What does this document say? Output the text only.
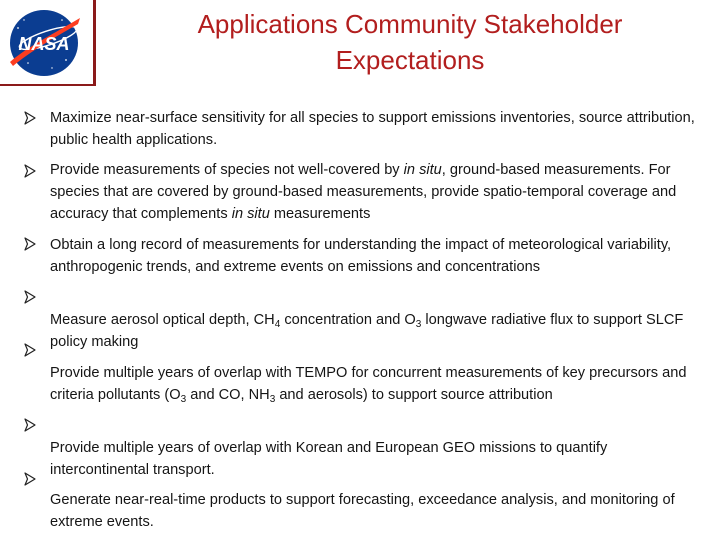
NASA
Applications Community Stakeholder
Expectations

Maximize near-surface sensitivity for all species to support emissions inventories, source attribution, public health applications.

Provide measurements of species not well-covered by in situ, ground-based measurements. For species that are covered by ground-based measurements, provide spatio-temporal coverage and accuracy that complements in situ measurements

Obtain a long record of measurements for understanding the impact of meteorological variability, anthropogenic trends, and extreme events on emissions and concentrations

Measure aerosol optical depth, $CH_4$ concentration and $O_3$ longwave radiative flux to support SLCF policy making

Provide multiple years of overlap with TEMPO for concurrent measurements of key precursors and criteria pollutants ($O_3$ and CO, $NH_3$ and aerosols) to support source attribution

Provide multiple years of overlap with Korean and European GEO missions to quantify intercontinental transport.

Generate near-real-time products to support forecasting, exceedance analysis, and monitoring of extreme events.
